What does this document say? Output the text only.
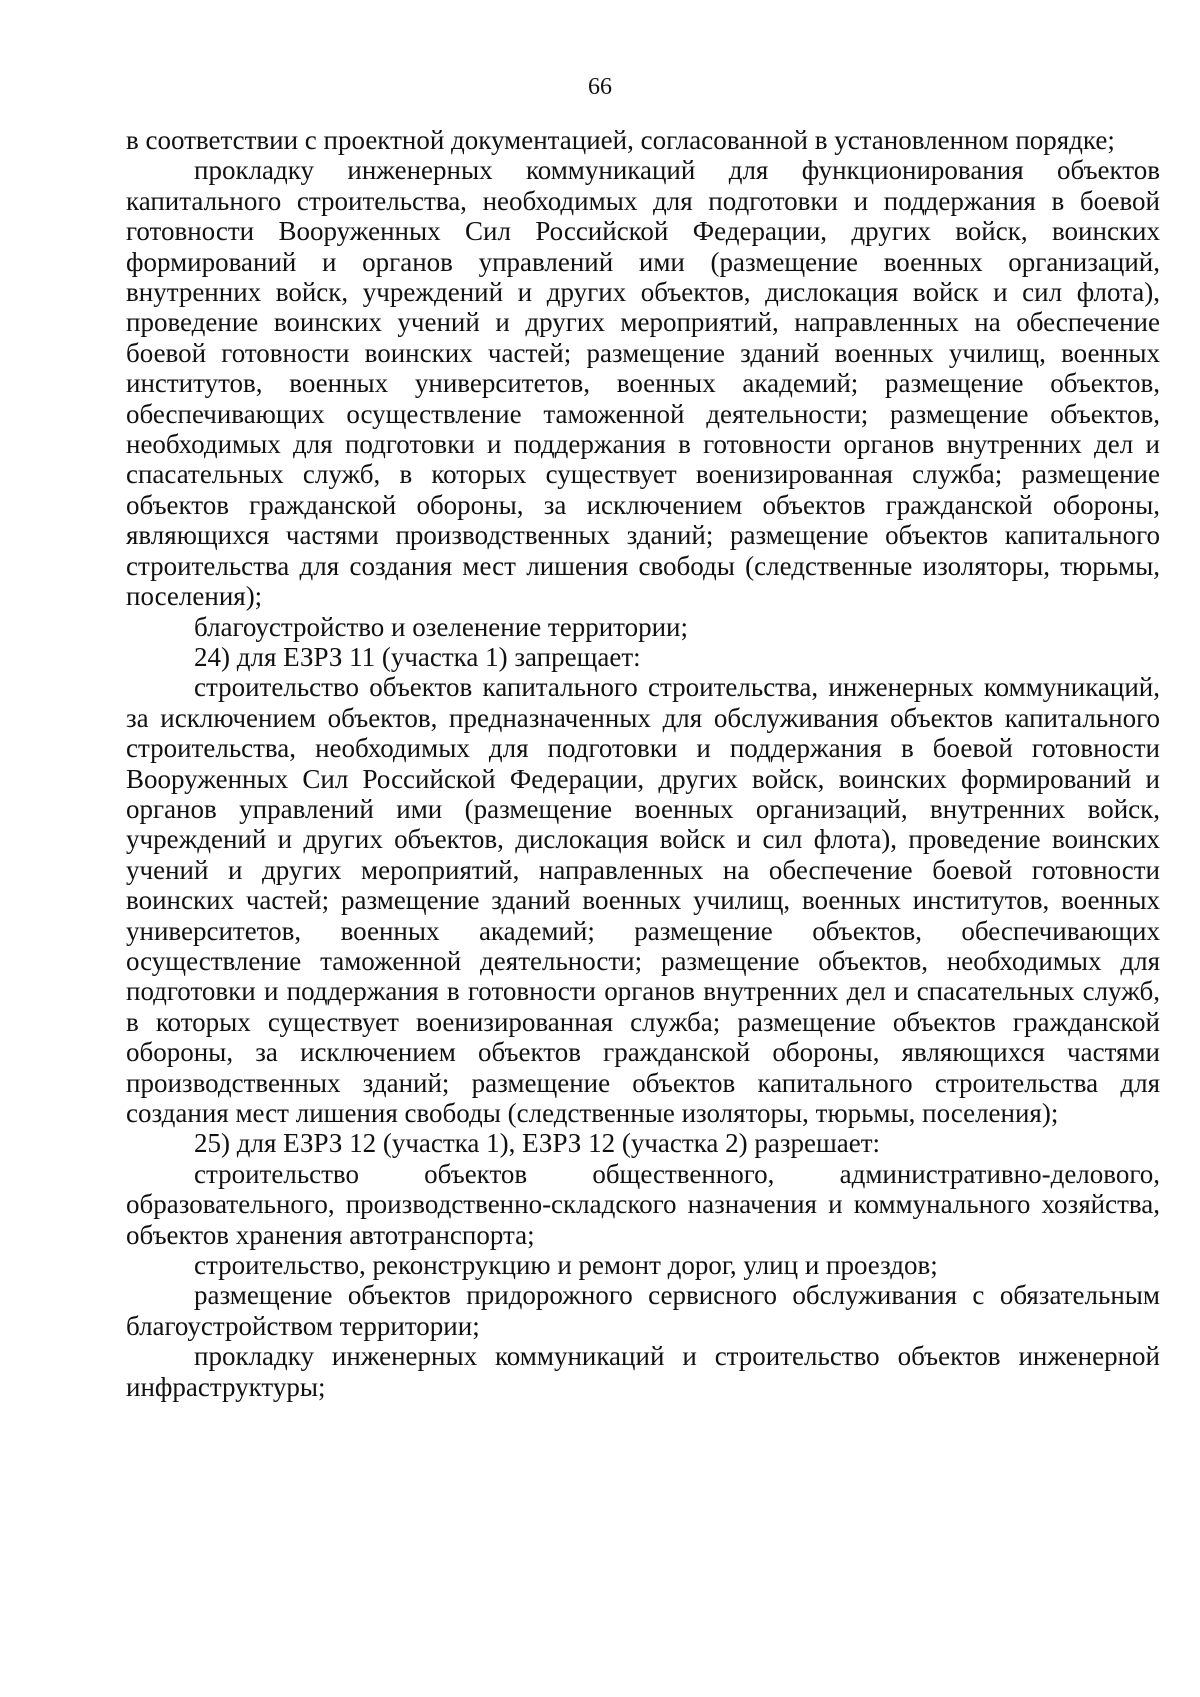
66

в соответствии с проектной документацией, согласованной в установленном порядке;

прокладку инженерных коммуникаций для функционирования объектов капитального строительства, необходимых для подготовки и поддержания в боевой готовности Вооруженных Сил Российской Федерации, других войск, воинских формирований и органов управлений ими (размещение военных организаций, внутренних войск, учреждений и других объектов, дислокация войск и сил флота), проведение воинских учений и других мероприятий, направленных на обеспечение боевой готовности воинских частей; размещение зданий военных училищ, военных институтов, военных университетов, военных академий; размещение объектов, обеспечивающих осуществление таможенной деятельности; размещение объектов, необходимых для подготовки и поддержания в готовности органов внутренних дел и спасательных служб, в которых существует военизированная служба; размещение объектов гражданской обороны, за исключением объектов гражданской обороны, являющихся частями производственных зданий; размещение объектов капитального строительства для создания мест лишения свободы (следственные изоляторы, тюрьмы, поселения);

благоустройство и озеленение территории;

24) для ЕЗРЗ 11 (участка 1) запрещает:

строительство объектов капитального строительства, инженерных коммуникаций, за исключением объектов, предназначенных для обслуживания объектов капитального строительства, необходимых для подготовки и поддержания в боевой готовности Вооруженных Сил Российской Федерации, других войск, воинских формирований и органов управлений ими (размещение военных организаций, внутренних войск, учреждений и других объектов, дислокация войск и сил флота), проведение воинских учений и других мероприятий, направленных на обеспечение боевой готовности воинских частей; размещение зданий военных училищ, военных институтов, военных университетов, военных академий; размещение объектов, обеспечивающих осуществление таможенной деятельности; размещение объектов, необходимых для подготовки и поддержания в готовности органов внутренних дел и спасательных служб, в которых существует военизированная служба; размещение объектов гражданской обороны, за исключением объектов гражданской обороны, являющихся частями производственных зданий; размещение объектов капитального строительства для создания мест лишения свободы (следственные изоляторы, тюрьмы, поселения);

25) для ЕЗРЗ 12 (участка 1), ЕЗРЗ 12 (участка 2) разрешает:

строительство объектов общественного, административно-делового, образовательного, производственно-складского назначения и коммунального хозяйства, объектов хранения автотранспорта;

строительство, реконструкцию и ремонт дорог, улиц и проездов;

размещение объектов придорожного сервисного обслуживания с обязательным благоустройством территории;

прокладку инженерных коммуникаций и строительство объектов инженерной инфраструктуры;
